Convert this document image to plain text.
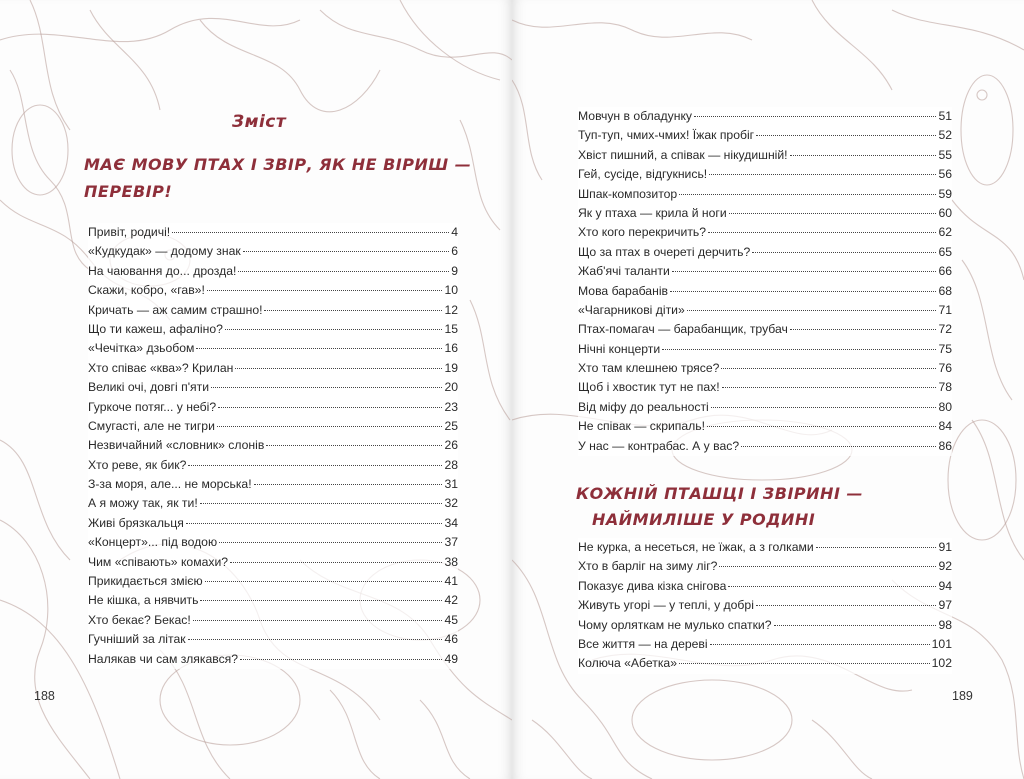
Зміст
МАЄ МОВУ ПТАХ І ЗВІР, ЯК НЕ ВІРИШ —
ПЕРЕВІР!
Привіт, родичі!	4
«Кудкудак» — додому знак	6
На чаювання до... дрозда!	9
Скажи, кобро, «гав»!	10
Кричать — аж самим страшно!	12
Що ти кажеш, афаліно?	15
«Чечітка» дзьобом	16
Хто співає «ква»? Крилан	19
Великі очі, довгі п'яти	20
Гуркоче потяг... у небі?	23
Смугасті, але не тигри	25
Незвичайний «словник» слонів	26
Хто реве, як бик?	28
З-за моря, але... не морська!	31
А я можу так, як ти!	32
Живі брязкальця	34
«Концерт»... під водою	37
Чим «співають» комахи?	38
Прикидається змією	41
Не кішка, а нявчить	42
Хто бекає? Бекас!	45
Гучніший за літак	46
Налякав чи сам злякався?	49
188
Мовчун в обладунку	51
Туп-туп, чмих-чмих! Їжак пробіг	52
Хвіст пишний, а співак — нікудишній!	55
Гей, сусіде, відгукнись!	56
Шпак-композитор	59
Як у птаха — крила й ноги	60
Хто кого перекричить?	62
Що за птах в очереті дерчить?	65
Жаб'ячі таланти	66
Мова барабанів	68
«Чагарникові діти»	71
Птах-помагач — барабанщик, трубач	72
Нічні концерти	75
Хто там клешнею трясе?	76
Щоб і хвостик тут не пах!	78
Від міфу до реальності	80
Не співак — скрипаль!	84
У нас — контрабас. А у вас?	86
КОЖНІЙ ПТАШЦІ І ЗВІРИНІ —
НАЙМИЛІШЕ У РОДИНІ
Не курка, а несеться, не їжак, а з голками	91
Хто в барліг на зиму ліг?	92
Показує дива кізка снігова	94
Живуть угорі — у теплі, у добрі	97
Чому орляткам не мулько спатки?	98
Все життя — на дереві	101
Колюча «Абетка»	102
189
